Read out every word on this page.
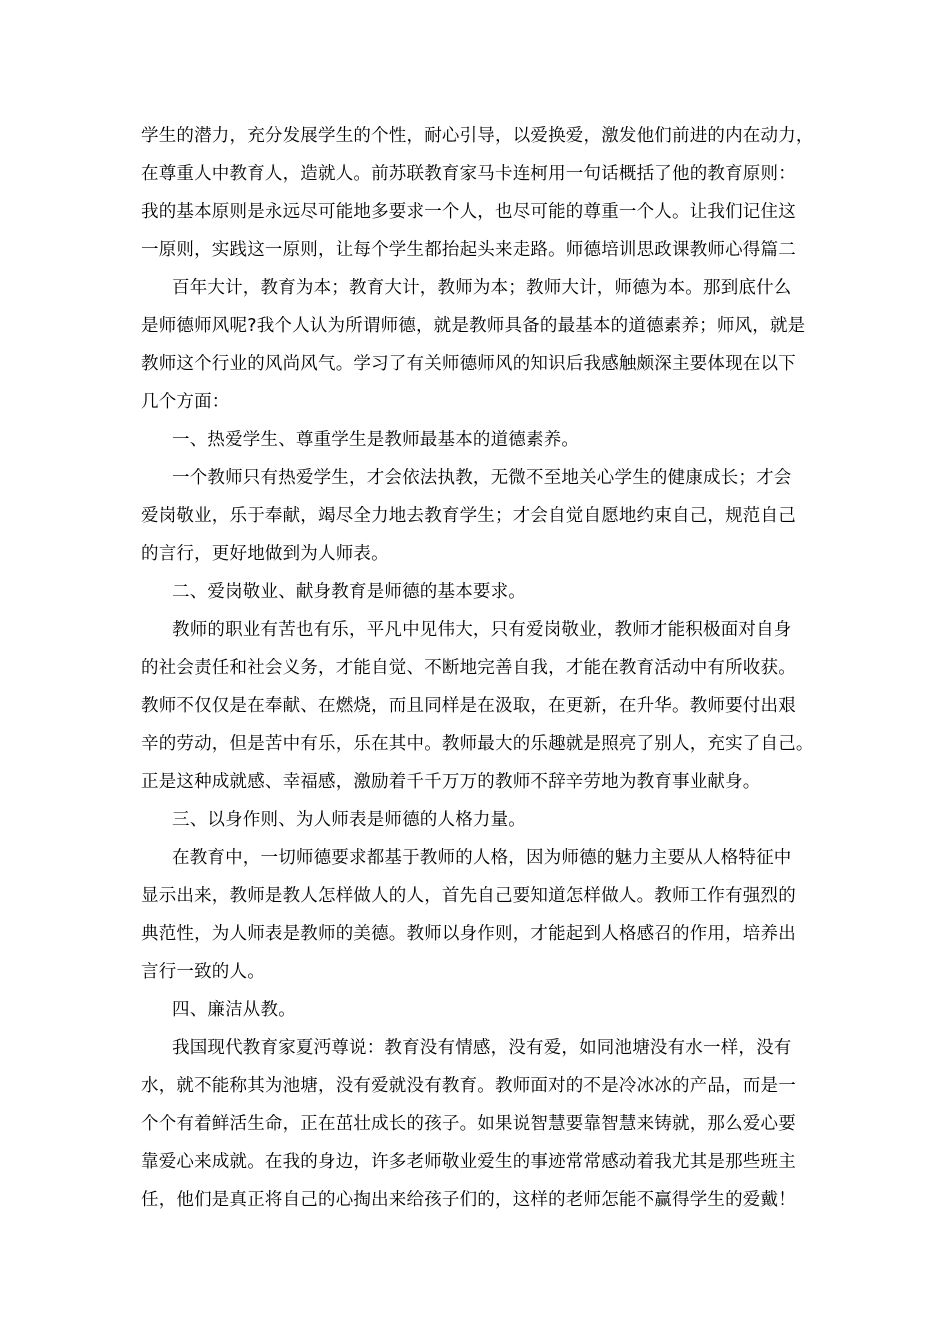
学生的潜力，充分发展学生的个性，耐心引导，以爱换爱，激发他们前进的内在动力，
在尊重人中教育人，造就人。前苏联教育家马卡连柯用一句话概括了他的教育原则：
我的基本原则是永远尽可能地多要求一个人，也尽可能的尊重一个人。让我们记住这
一原则，实践这一原则，让每个学生都抬起头来走路。师德培训思政课教师心得篇二
百年大计，教育为本；教育大计，教师为本；教师大计，师德为本。那到底什么
是师德师风呢?我个人认为所谓师德，就是教师具备的最基本的道德素养；师风，就是
教师这个行业的风尚风气。学习了有关师德师风的知识后我感触颇深主要体现在以下
几个方面：
一、热爱学生、尊重学生是教师最基本的道德素养。
一个教师只有热爱学生，才会依法执教，无微不至地关心学生的健康成长；才会
爱岗敬业，乐于奉献，竭尽全力地去教育学生；才会自觉自愿地约束自己，规范自己
的言行，更好地做到为人师表。
二、爱岗敬业、献身教育是师德的基本要求。
教师的职业有苦也有乐，平凡中见伟大，只有爱岗敬业，教师才能积极面对自身
的社会责任和社会义务，才能自觉、不断地完善自我，才能在教育活动中有所收获。
教师不仅仅是在奉献、在燃烧，而且同样是在汲取，在更新，在升华。教师要付出艰
辛的劳动，但是苦中有乐，乐在其中。教师最大的乐趣就是照亮了别人，充实了自己。
正是这种成就感、幸福感，激励着千千万万的教师不辞辛劳地为教育事业献身。
三、以身作则、为人师表是师德的人格力量。
在教育中，一切师德要求都基于教师的人格，因为师德的魅力主要从人格特征中
显示出来，教师是教人怎样做人的人，首先自己要知道怎样做人。教师工作有强烈的
典范性，为人师表是教师的美德。教师以身作则，才能起到人格感召的作用，培养出
言行一致的人。
四、廉洁从教。
我国现代教育家夏沔尊说：教育没有情感，没有爱，如同池塘没有水一样，没有
水，就不能称其为池塘，没有爱就没有教育。教师面对的不是冷冰冰的产品，而是一
个个有着鲜活生命，正在茁壮成长的孩子。如果说智慧要靠智慧来铸就，那么爱心要
靠爱心来成就。在我的身边，许多老师敬业爱生的事迹常常感动着我尤其是那些班主
任，他们是真正将自己的心掏出来给孩子们的，这样的老师怎能不赢得学生的爱戴！
